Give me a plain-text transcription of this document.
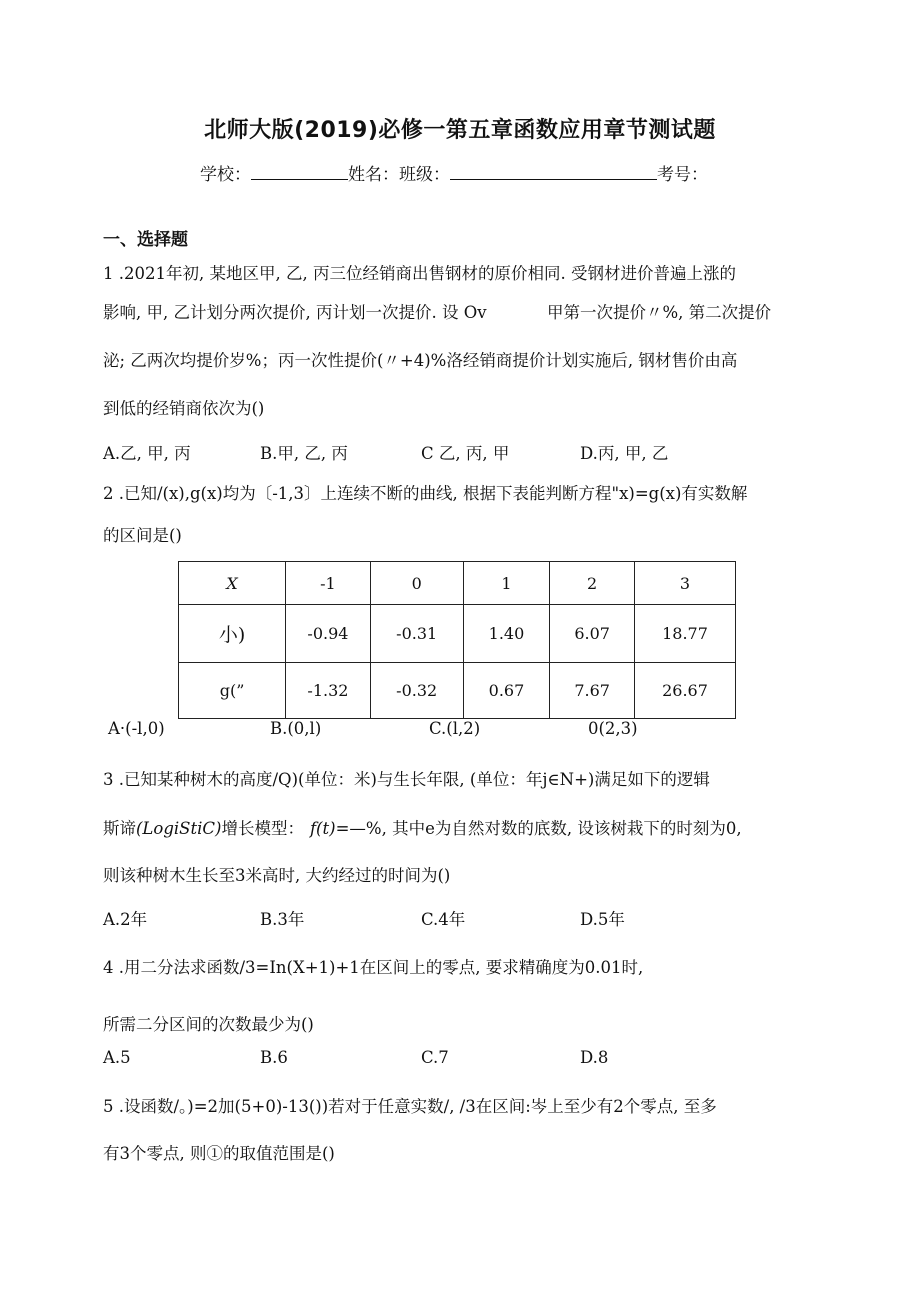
北师大版(2019)必修一第五章函数应用章节测试题
学校：	姓名：班级：	考号：
一、选择题
1 .2021年初, 某地区甲, 乙, 丙三位经销商出售钢材的原价相同. 受钢材进价普遍上涨的
影响, 甲, 乙计划分两次提价, 丙计划一次提价. 设 Ov	甲第一次提价〃%, 第二次提价
泌; 乙两次均提价岁%；丙一次性提价(〃+4)%洛经销商提价计划实施后, 钢材售价由高
到低的经销商依次为()
A.乙, 甲, 丙	B.甲, 乙, 丙	C 乙, 丙, 甲	D.丙, 甲, 乙
2 .已知/(x),g(x)均为〔-1,3〕上连续不断的曲线, 根据下表能判断方程"x)=g(x)有实数解
的区间是()
X	-1	0	1	2	3
小)	-0.94	-0.31	1.40	6.07	18.77
g(”	-1.32	-0.32	0.67	7.67	26.67
A·(-l,0)	B.(0,l)	C.(l,2)	0(2,3)
3 .已知某种树木的高度/Q)(单位：米)与生长年限, (单位：年j∈N+)满足如下的逻辑
斯谛(LogiStiC)增长模型： f(t)=—%, 其中e为自然对数的底数, 设该树栽下的时刻为0,
则该种树木生长至3米高时, 大约经过的时间为()
A.2年	B.3年	C.4年	D.5年
4 .用二分法求函数/3=In(X+1)+1在区间上的零点, 要求精确度为0.01时,
所需二分区间的次数最少为()
A.5	B.6	C.7	D.8
5 .设函数/。)=2加(5+0)-13())若对于任意实数/, /3在区间:岑上至少有2个零点, 至多
有3个零点, 则①的取值范围是()
